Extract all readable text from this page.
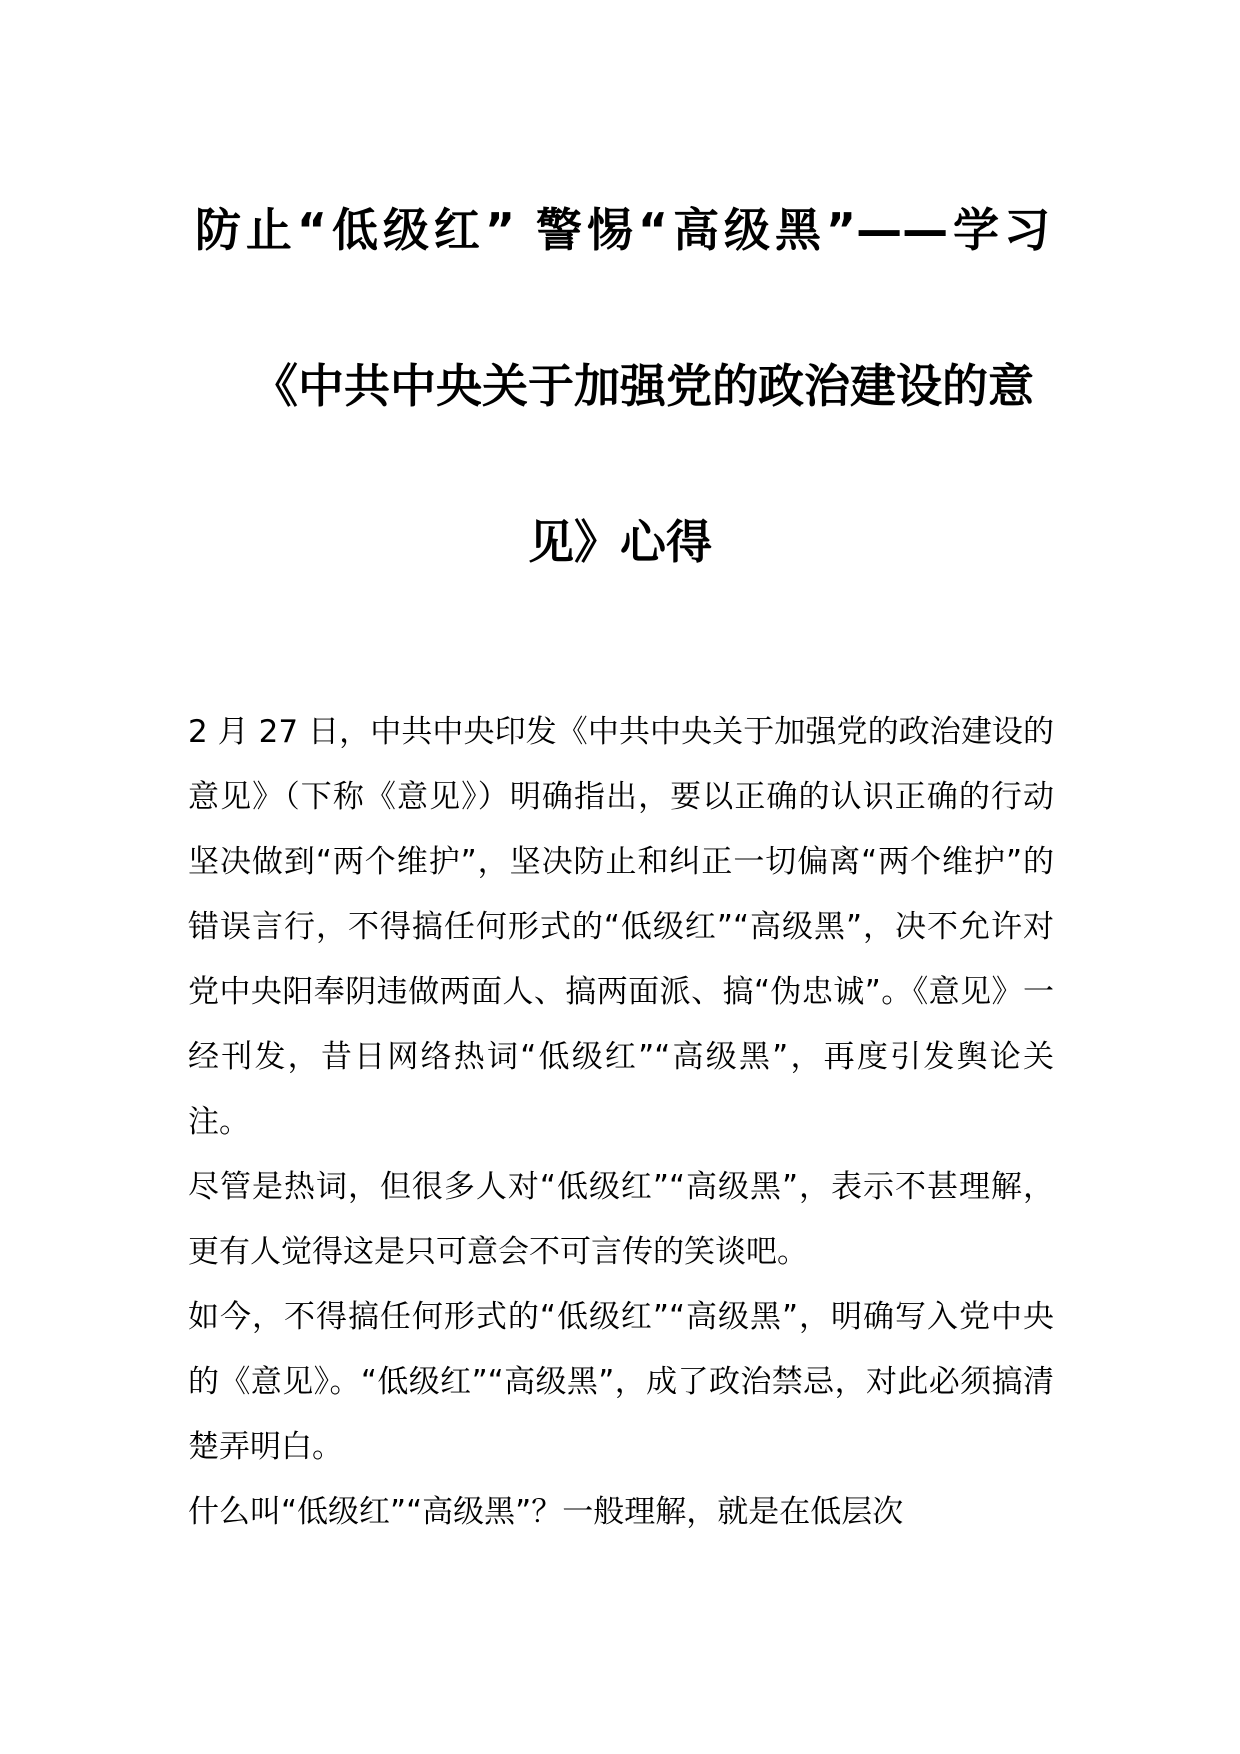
防止“低级红” 警惕“高级黑”——学习
《中共中央关于加强党的政治建设的意
见》心得

2 月 27 日，中共中央印发《中共中央关于加强党的政治建设的意见》（下称《意见》）明确指出，要以正确的认识正确的行动坚决做到“两个维护”，坚决防止和纠正一切偏离“两个维护”的错误言行，不得搞任何形式的“低级红”“高级黑”，决不允许对党中央阳奉阴违做两面人、搞两面派、搞“伪忠诚”。《意见》一经刊发，昔日网络热词“低级红”“高级黑”，再度引发舆论关注。

尽管是热词，但很多人对“低级红”“高级黑”，表示不甚理解，更有人觉得这是只可意会不可言传的笑谈吧。

如今，不得搞任何形式的“低级红”“高级黑”，明确写入党中央的《意见》。“低级红”“高级黑”，成了政治禁忌，对此必须搞清楚弄明白。

什么叫“低级红”“高级黑”？一般理解，就是在低层次
